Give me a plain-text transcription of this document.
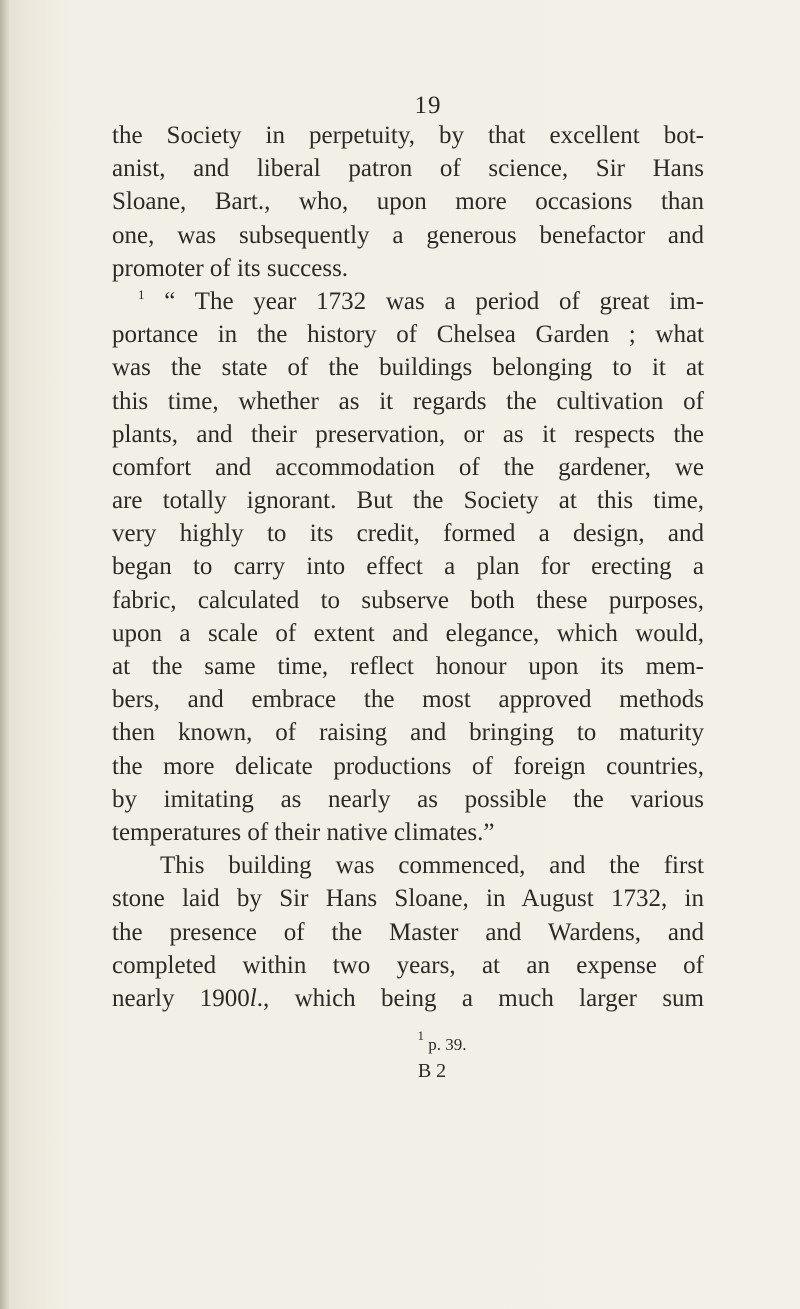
19
the Society in perpetuity, by that excellent bot-
anist, and liberal patron of science, Sir Hans
Sloane, Bart., who, upon more occasions than
one, was subsequently a generous benefactor and
promoter of its success.
$^1$ “ The year 1732 was a period of great im-
portance in the history of Chelsea Garden ; what
was the state of the buildings belonging to it at
this time, whether as it regards the cultivation of
plants, and their preservation, or as it respects the
comfort and accommodation of the gardener, we
are totally ignorant. But the Society at this time,
very highly to its credit, formed a design, and
began to carry into effect a plan for erecting a
fabric, calculated to subserve both these purposes,
upon a scale of extent and elegance, which would,
at the same time, reflect honour upon its mem-
bers, and embrace the most approved methods
then known, of raising and bringing to maturity
the more delicate productions of foreign countries,
by imitating as nearly as possible the various
temperatures of their native climates.”
This building was commenced, and the first
stone laid by Sir Hans Sloane, in August 1732, in
the presence of the Master and Wardens, and
completed within two years, at an expense of
nearly 1900l., which being a much larger sum
$^1$ p. 39.
B 2
